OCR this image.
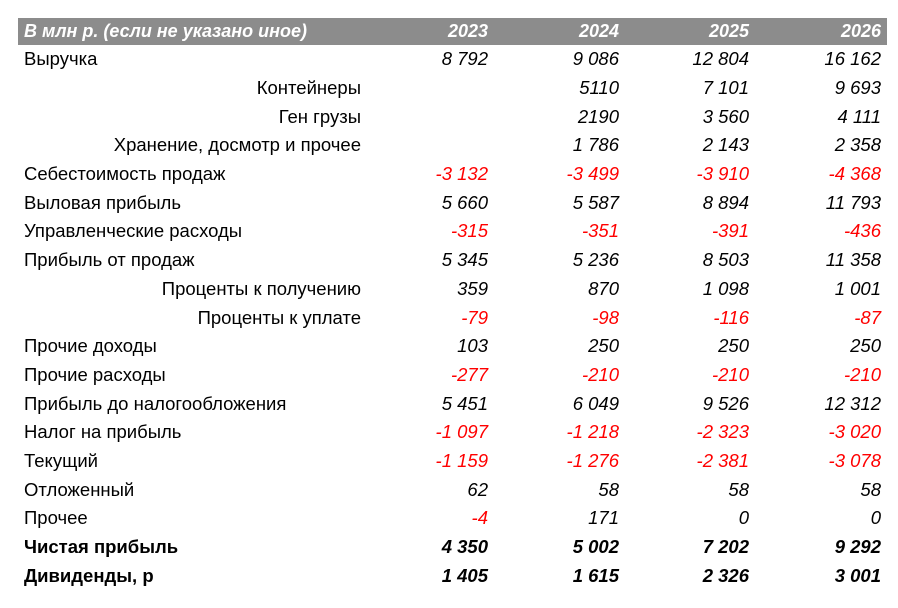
В млн р. (если не указано иное)	2023	2024	2025	2026
Выручка	8 792	9 086	12 804	16 162
Контейнеры		5110	7 101	9 693
Ген грузы		2190	3 560	4 111
Хранение, досмотр и прочее		1 786	2 143	2 358
Себестоимость продаж	-3 132	-3 499	-3 910	-4 368
Выловая прибыль	5 660	5 587	8 894	11 793
Управленческие расходы	-315	-351	-391	-436
Прибыль от продаж	5 345	5 236	8 503	11 358
Проценты к получению	359	870	1 098	1 001
Проценты к уплате	-79	-98	-116	-87
Прочие доходы	103	250	250	250
Прочие расходы	-277	-210	-210	-210
Прибыль до налогообложения	5 451	6 049	9 526	12 312
Налог на прибыль	-1 097	-1 218	-2 323	-3 020
Текущий	-1 159	-1 276	-2 381	-3 078
Отложенный	62	58	58	58
Прочее	-4	171	0	0
Чистая прибыль	4 350	5 002	7 202	9 292
Дивиденды, р	1 405	1 615	2 326	3 001
